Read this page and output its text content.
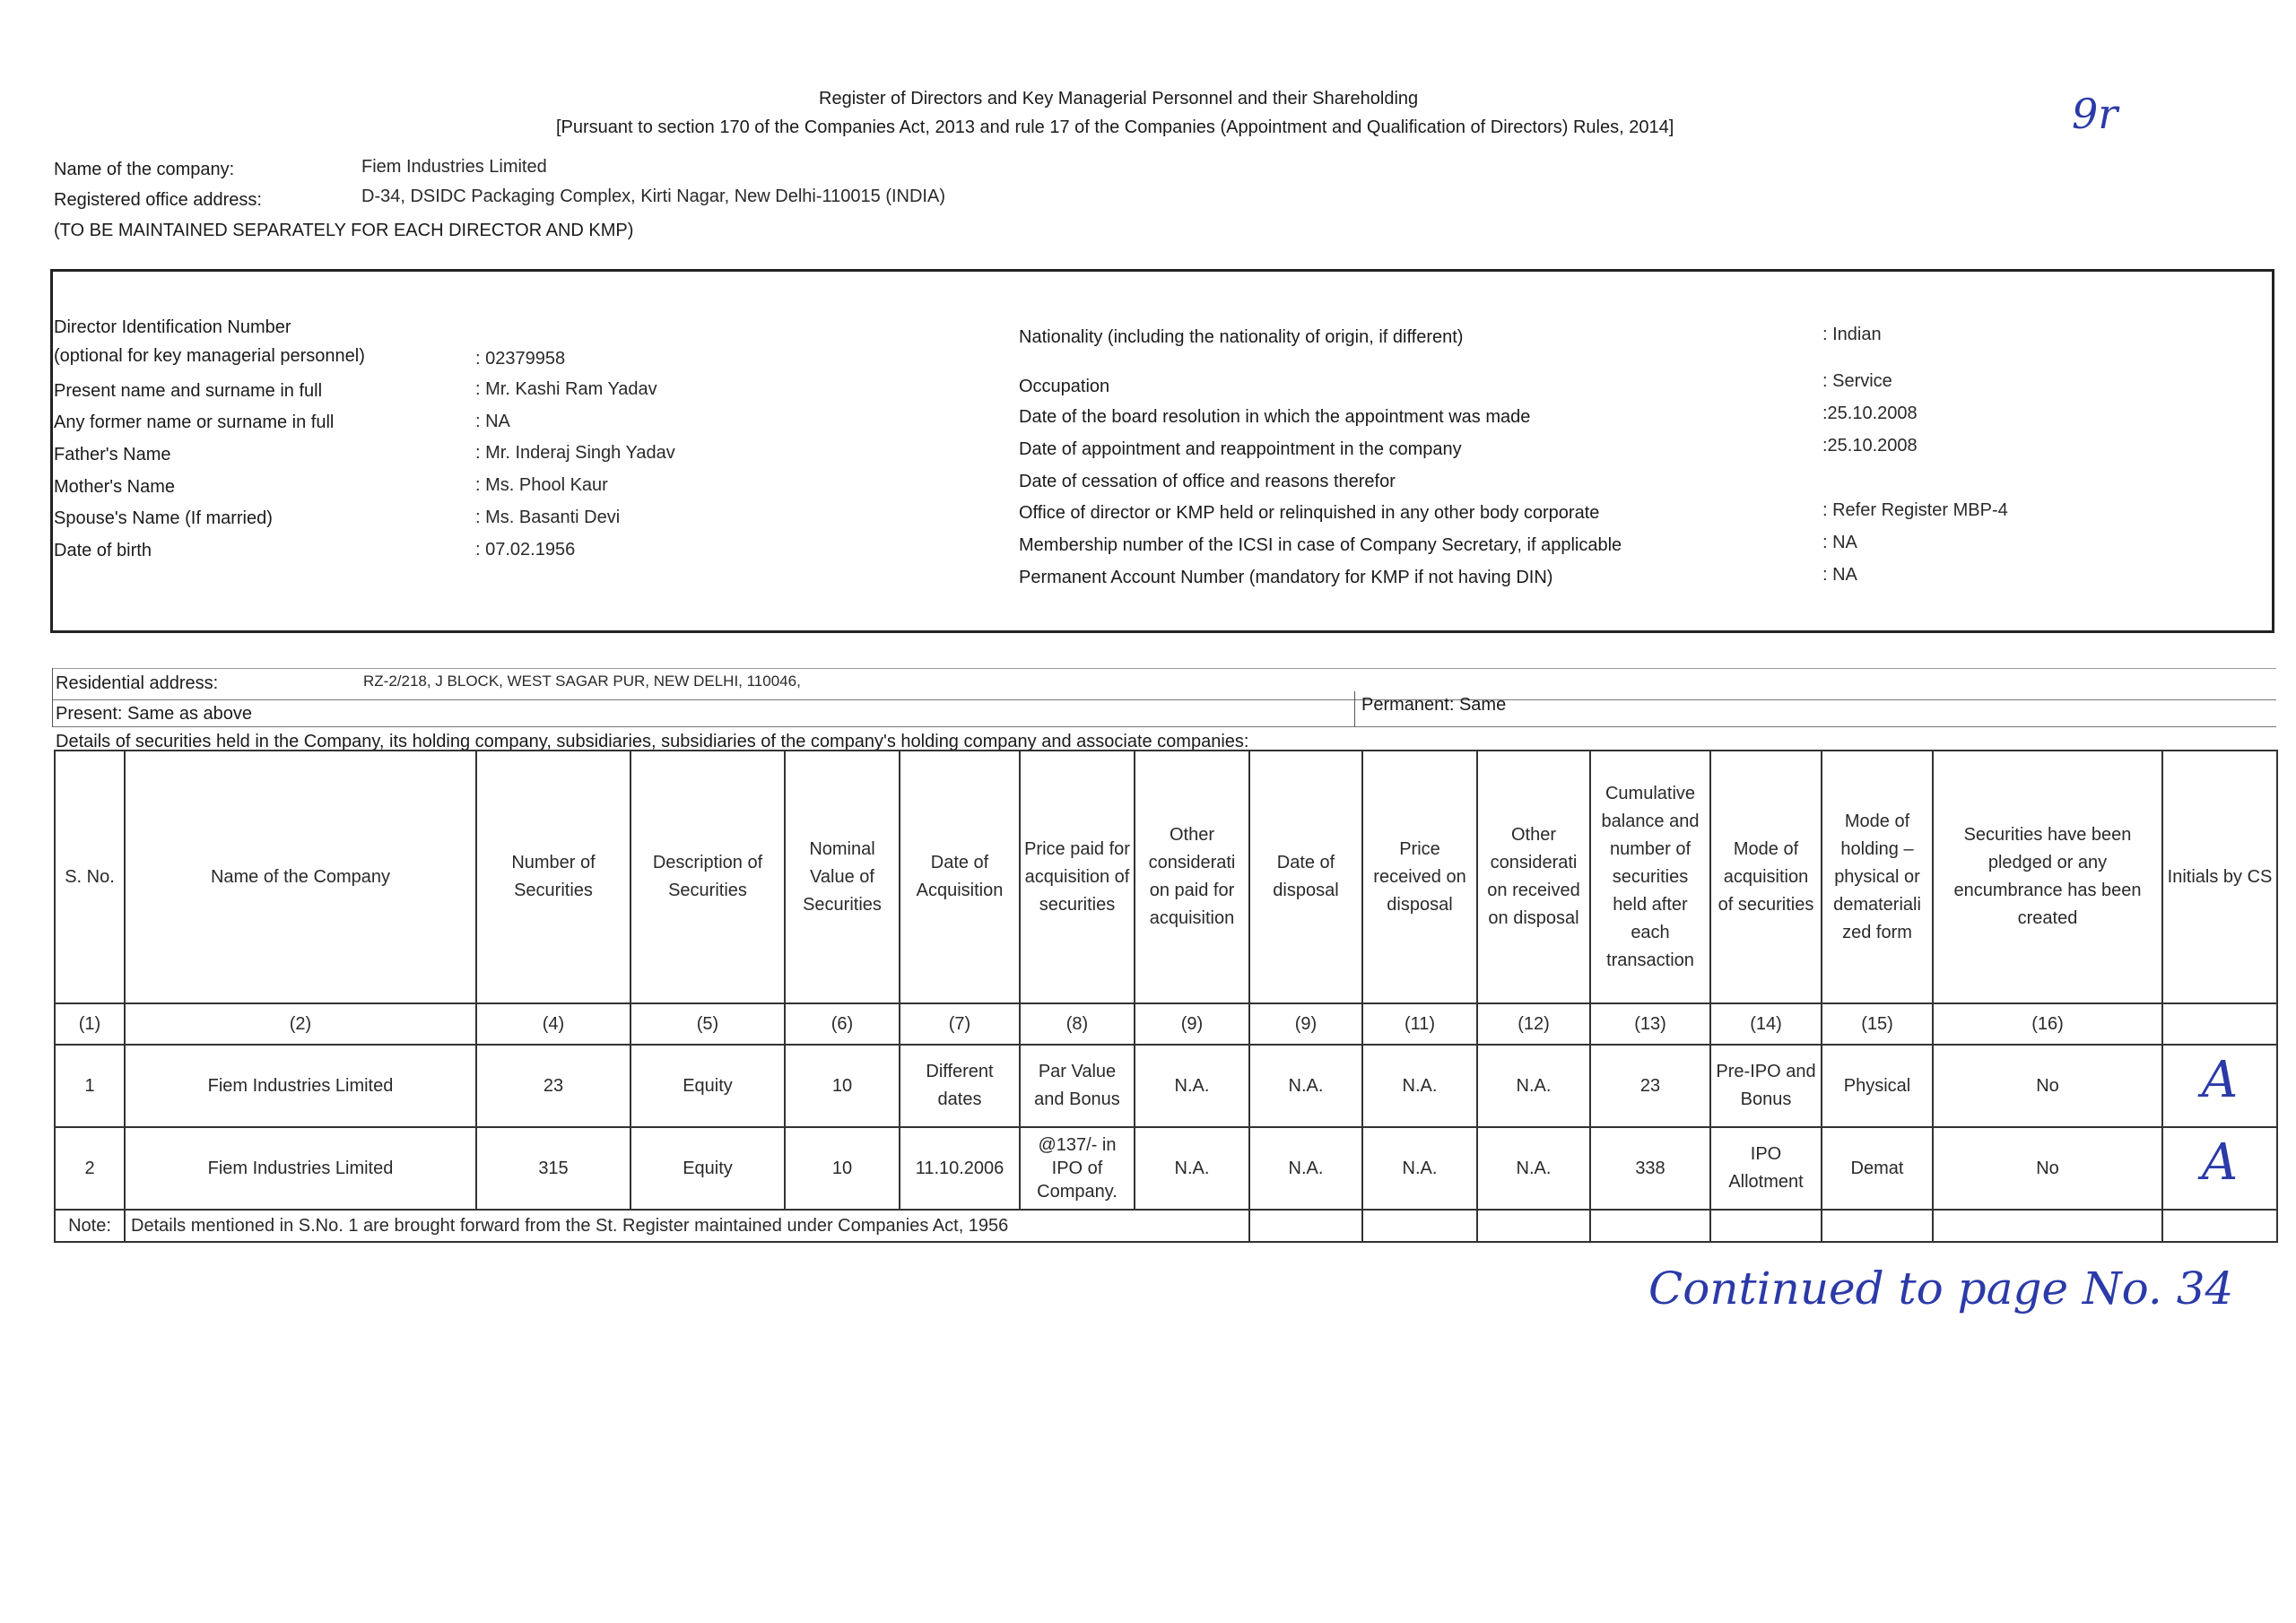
Register of Directors and Key Managerial Personnel and their Shareholding
[Pursuant to section 170 of the Companies Act, 2013 and rule 17 of the Companies (Appointment and Qualification of Directors) Rules, 2014]	9r
Name of the company:	Fiem Industries Limited
Registered office address:	D-34, DSIDC Packaging Complex, Kirti Nagar, New Delhi-110015 (INDIA)
(TO BE MAINTAINED SEPARATELY FOR EACH DIRECTOR AND KMP)
Director Identification Number
(optional for key managerial personnel)	: 02379958
Present name and surname in full	: Mr. Kashi Ram Yadav
Any former name or surname in full	: NA
Father's Name	: Mr. Inderaj Singh Yadav
Mother's Name	: Ms. Phool Kaur
Spouse's Name (If married)	: Ms. Basanti Devi
Date of birth	: 07.02.1956
Nationality (including the nationality of origin, if different)	: Indian
Occupation	: Service
Date of the board resolution in which the appointment was made	:25.10.2008
Date of appointment and reappointment in the company	:25.10.2008
Date of cessation of office and reasons therefor
Office of director or KMP held or relinquished in any other body corporate	: Refer Register MBP-4
Membership number of the ICSI in case of Company Secretary, if applicable	: NA
Permanent Account Number (mandatory for KMP if not having DIN)	: NA
Residential address:	RZ-2/218, J BLOCK, WEST SAGAR PUR, NEW DELHI, 110046,
Present: Same as above	Permanent: Same
Details of securities held in the Company, its holding company, subsidiaries, subsidiaries of the company's holding company and associate companies:
S. No.	Name of the Company	Number of Securities	Description of Securities	Nominal Value of Securities	Date of Acquisition	Price paid for acquisition of securities	Other considerati on paid for acquisition	Date of disposal	Price received on disposal	Other considerati on received on disposal	Cumulative balance and number of securities held after each transaction	Mode of acquisition of securities	Mode of holding – physical or demateriali zed form	Securities have been pledged or any encumbrance has been created	Initials by CS
(1)	(2)	(4)	(5)	(6)	(7)	(8)	(9)	(9)	(11)	(12)	(13)	(14)	(15)	(16)	
1	Fiem Industries Limited	23	Equity	10	Different dates	Par Value and Bonus	N.A.	N.A.	N.A.	N.A.	23	Pre-IPO and Bonus	Physical	No	A
2	Fiem Industries Limited	315	Equity	10	11.10.2006	@137/- in IPO of Company.	N.A.	N.A.	N.A.	N.A.	338	IPO Allotment	Demat	No	A
Note:	Details mentioned in S.No. 1 are brought forward from the St. Register maintained under Companies Act, 1956														
Continued to page No. 34
